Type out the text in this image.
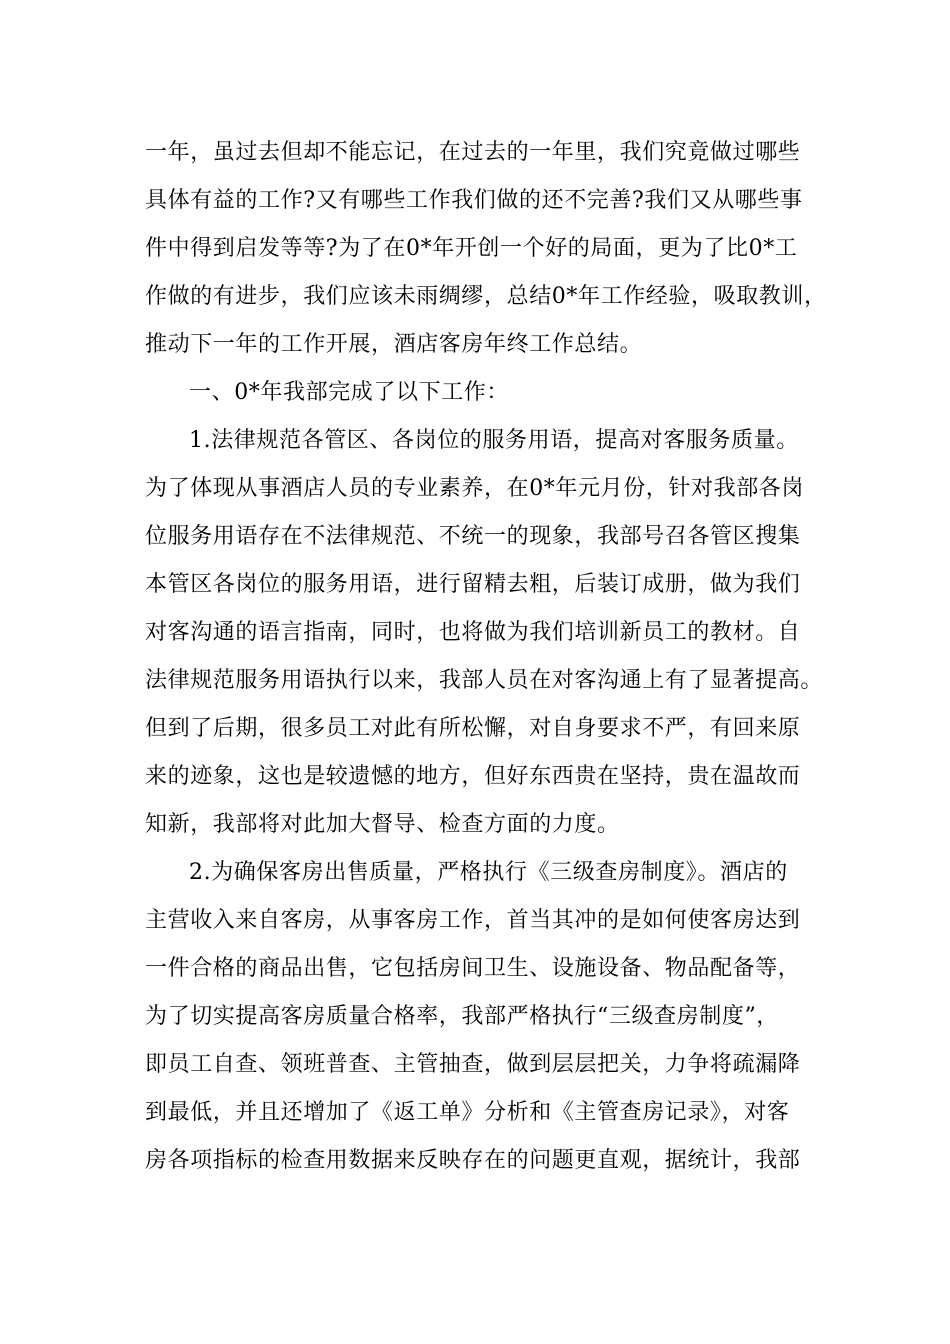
一年，虽过去但却不能忘记，在过去的一年里，我们究竟做过哪些
具体有益的工作?又有哪些工作我们做的还不完善?我们又从哪些事
件中得到启发等等?为了在0*年开创一个好的局面，更为了比0*工
作做的有进步，我们应该未雨绸缪，总结0*年工作经验，吸取教训，
推动下一年的工作开展，酒店客房年终工作总结。
一、0*年我部完成了以下工作：
1.法律规范各管区、各岗位的服务用语，提高对客服务质量。
为了体现从事酒店人员的专业素养，在0*年元月份，针对我部各岗
位服务用语存在不法律规范、不统一的现象，我部号召各管区搜集
本管区各岗位的服务用语，进行留精去粗，后装订成册，做为我们
对客沟通的语言指南，同时，也将做为我们培训新员工的教材。自
法律规范服务用语执行以来，我部人员在对客沟通上有了显著提高。
但到了后期，很多员工对此有所松懈，对自身要求不严，有回来原
来的迹象，这也是较遗憾的地方，但好东西贵在坚持，贵在温故而
知新，我部将对此加大督导、检查方面的力度。
2.为确保客房出售质量，严格执行《三级查房制度》。酒店的
主营收入来自客房，从事客房工作，首当其冲的是如何使客房达到
一件合格的商品出售，它包括房间卫生、设施设备、物品配备等，
为了切实提高客房质量合格率，我部严格执行“三级查房制度”，
即员工自查、领班普查、主管抽查，做到层层把关，力争将疏漏降
到最低，并且还增加了《返工单》分析和《主管查房记录》，对客
房各项指标的检查用数据来反映存在的问题更直观，据统计，我部
